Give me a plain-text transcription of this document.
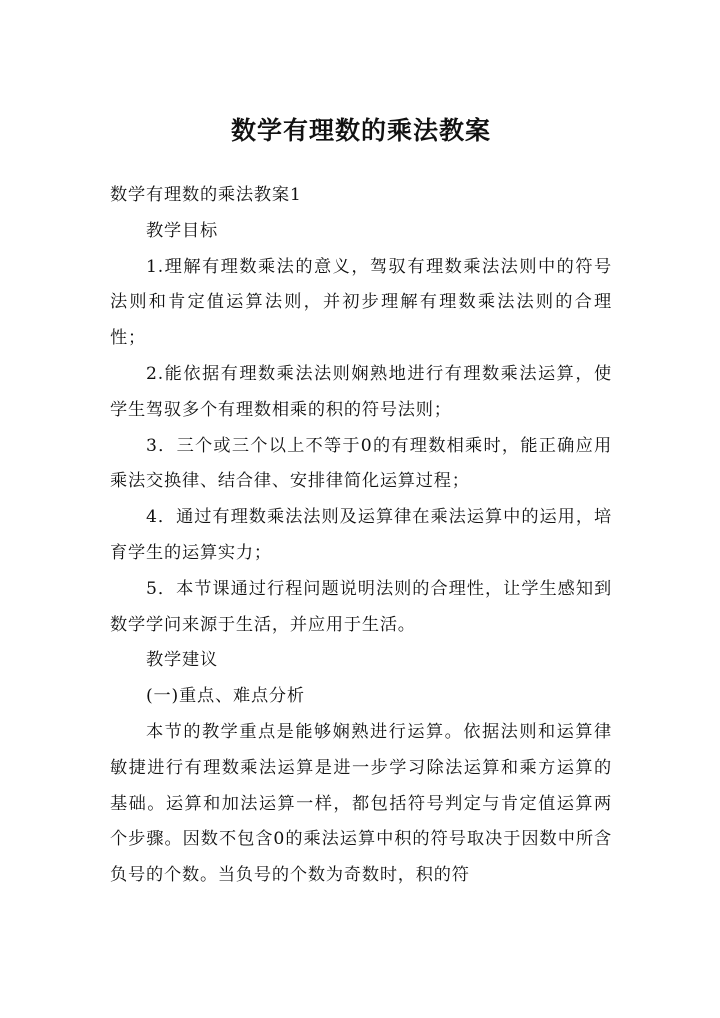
数学有理数的乘法教案

数学有理数的乘法教案1

教学目标

1.理解有理数乘法的意义，驾驭有理数乘法法则中的符号法则和肯定值运算法则，并初步理解有理数乘法法则的合理性；

2.能依据有理数乘法法则娴熟地进行有理数乘法运算，使学生驾驭多个有理数相乘的积的符号法则；

3．三个或三个以上不等于0的有理数相乘时，能正确应用乘法交换律、结合律、安排律简化运算过程；

4．通过有理数乘法法则及运算律在乘法运算中的运用，培育学生的运算实力；

5．本节课通过行程问题说明法则的合理性，让学生感知到数学学问来源于生活，并应用于生活。

教学建议

(一)重点、难点分析

本节的教学重点是能够娴熟进行运算。依据法则和运算律敏捷进行有理数乘法运算是进一步学习除法运算和乘方运算的基础。运算和加法运算一样，都包括符号判定与肯定值运算两个步骤。因数不包含0的乘法运算中积的符号取决于因数中所含负号的个数。当负号的个数为奇数时，积的符
